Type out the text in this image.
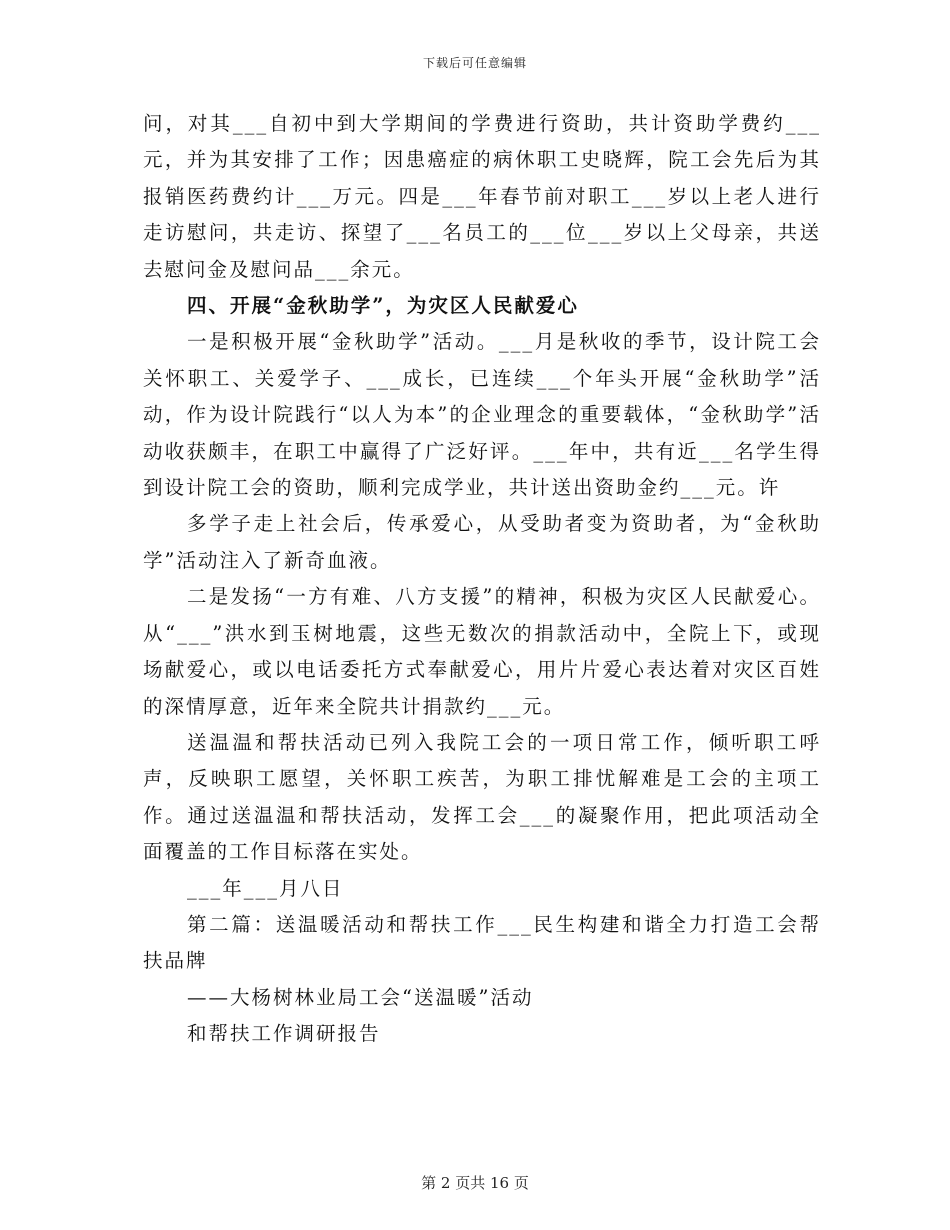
下载后可任意编辑

问，对其___自初中到大学期间的学费进行资助，共计资助学费约___元，并为其安排了工作；因患癌症的病休职工史晓辉，院工会先后为其报销医药费约计___万元。四是___年春节前对职工___岁以上老人进行走访慰问，共走访、探望了___名员工的___位___岁以上父母亲，共送去慰问金及慰问品___余元。

四、开展“金秋助学”，为灾区人民献爱心

一是积极开展“金秋助学”活动。___月是秋收的季节，设计院工会关怀职工、关爱学子、___成长，已连续___个年头开展“金秋助学”活动，作为设计院践行“以人为本”的企业理念的重要载体，“金秋助学”活动收获颇丰，在职工中赢得了广泛好评。___年中，共有近___名学生得到设计院工会的资助，顺利完成学业，共计送出资助金约___元。许

多学子走上社会后，传承爱心，从受助者变为资助者，为“金秋助学”活动注入了新奇血液。

二是发扬“一方有难、八方支援”的精神，积极为灾区人民献爱心。从“___”洪水到玉树地震，这些无数次的捐款活动中，全院上下，或现场献爱心，或以电话委托方式奉献爱心，用片片爱心表达着对灾区百姓的深情厚意，近年来全院共计捐款约___元。

送温温和帮扶活动已列入我院工会的一项日常工作，倾听职工呼声，反映职工愿望，关怀职工疾苦，为职工排忧解难是工会的主项工作。通过送温温和帮扶活动，发挥工会___的凝聚作用，把此项活动全面覆盖的工作目标落在实处。

___年___月八日

第二篇：送温暖活动和帮扶工作___民生构建和谐全力打造工会帮扶品牌

——大杨树林业局工会“送温暖”活动

和帮扶工作调研报告

第 2 页共 16 页
